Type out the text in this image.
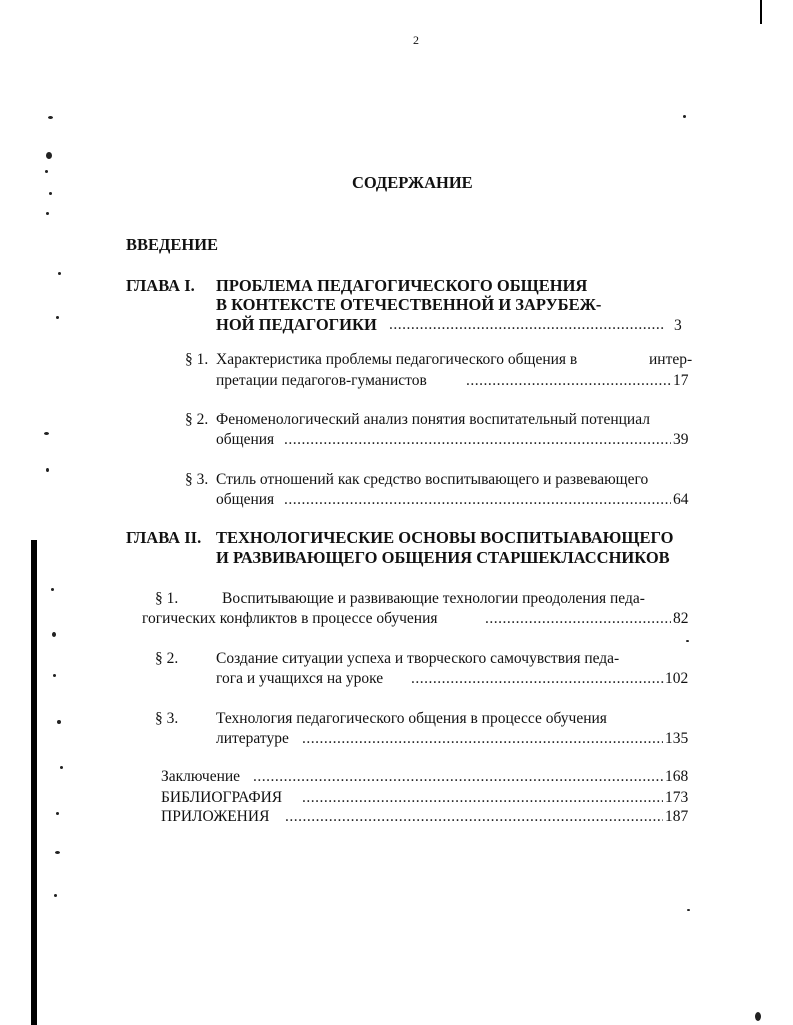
2
СОДЕРЖАНИЕ
ВВЕДЕНИЕ
ГЛАВА I. ПРОБЛЕМА ПЕДАГОГИЧЕСКОГО ОБЩЕНИЯ
В КОНТЕКСТЕ ОТЕЧЕСТВЕННОЙ И ЗАРУБЕЖ-
НОЙ ПЕДАГОГИКИ .....	3
§ 1. Характеристика проблемы педагогического общения в	интер-
претации педагогов-гуманистов .....	17
§ 2. Феноменологический анализ понятия воспитательный потенциал
общения .....	39
§ 3. Стиль отношений как средство воспитывающего и развевающего
общения .....	64
ГЛАВА II. ТЕХНОЛОГИЧЕСКИЕ ОСНОВЫ ВОСПИТЫАВАЮЩЕГО
И РАЗВИВАЮЩЕГО ОБЩЕНИЯ СТАРШЕКЛАССНИКОВ
§ 1.	Воспитывающие и развивающие технологии преодоления педа-
гогических конфликтов в процессе обучения .....	82
§ 2. Создание ситуации успеха и творческого самочувствия педа-
гога и учащихся на уроке .....	102
§ 3. Технология педагогического общения в процессе обучения
литературе .....	135
Заключение .....	168
БИБЛИОГРАФИЯ .....	173
ПРИЛОЖЕНИЯ .....	187
